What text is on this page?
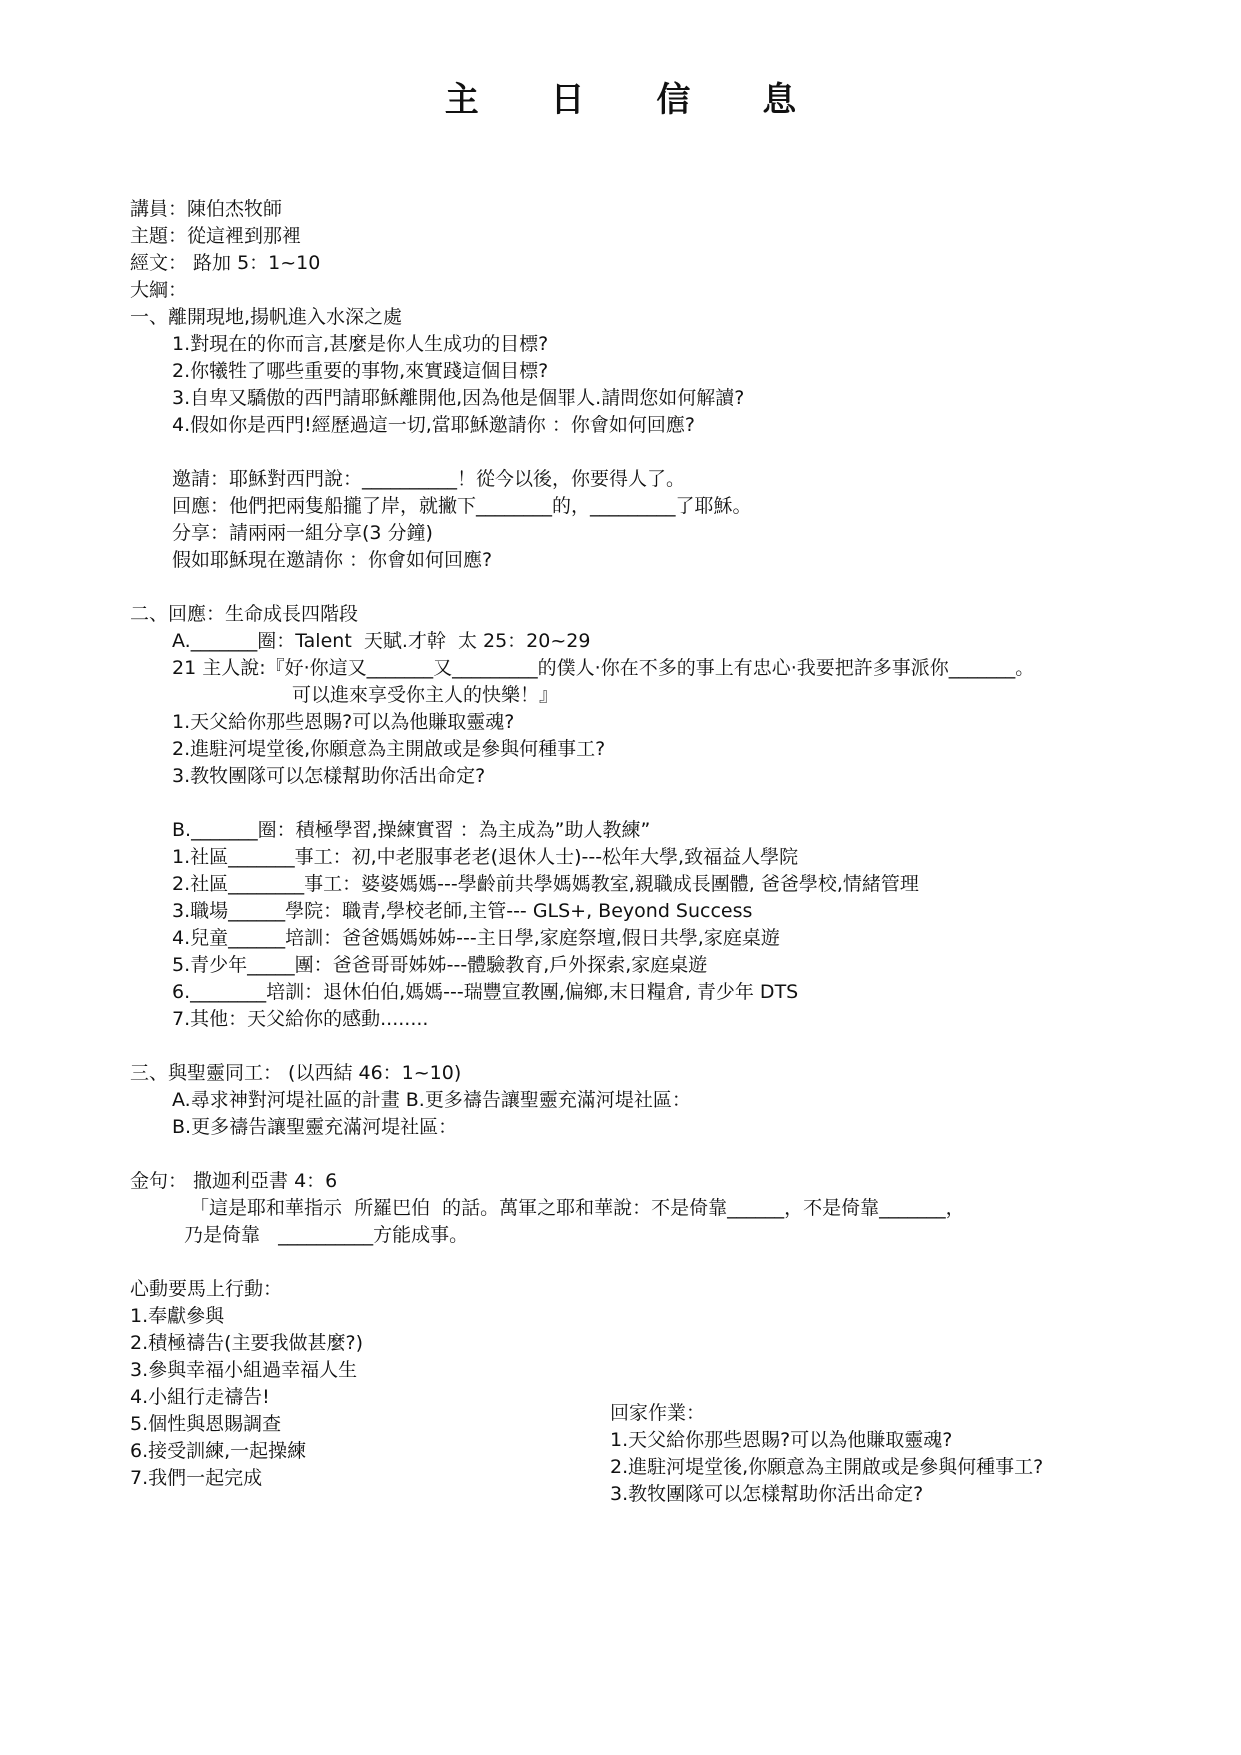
主 日 信 息
講員：陳伯杰牧師
主題：從這裡到那裡
經文： 路加 5：1~10
大綱：
一、離開現地,揚帆進入水深之處
1.對現在的你而言,甚麼是你人生成功的目標?
2.你犧牲了哪些重要的事物,來實踐這個目標?
3.自卑又驕傲的西門請耶穌離開他,因為他是個罪人.請問您如何解讀?
4.假如你是西門!經歷過這一切,當耶穌邀請你 ：你會如何回應?
邀請：耶穌對西門說：__________！從今以後，你要得人了。
回應：他們把兩隻船攏了岸，就撇下________的，_________了耶穌。
分享：請兩兩一組分享(3 分鐘)
假如耶穌現在邀請你 ：你會如何回應?
二、回應：生命成長四階段
A._______圈：Talent  天賦.才幹  太 25：20~29
21 主人說:『好‧你這又_______又_________的僕人‧你在不多的事上有忠心‧我要把許多事派你_______。
可以進來享受你主人的快樂！』
1.天父給你那些恩賜?可以為他賺取靈魂?
2.進駐河堤堂後,你願意為主開啟或是參與何種事工?
3.教牧團隊可以怎樣幫助你活出命定?
B._______圈：積極學習,操練實習 ：為主成為”助人教練”
1.社區_______事工：初,中老服事老老(退休人士)---松年大學,致福益人學院
2.社區________事工：婆婆媽媽---學齡前共學媽媽教室,親職成長團體, 爸爸學校,情緒管理
3.職場______學院：職青,學校老師,主管--- GLS+, Beyond Success
4.兒童______培訓：爸爸媽媽姊姊---主日學,家庭祭壇,假日共學,家庭桌遊
5.青少年_____團：爸爸哥哥姊姊---體驗教育,戶外探索,家庭桌遊
6.________培訓：退休伯伯,媽媽---瑞豐宣教團,偏鄉,末日糧倉, 青少年 DTS
7.其他：天父給你的感動........
三、與聖靈同工： (以西結 46：1~10)
A.尋求神對河堤社區的計畫 B.更多禱告讓聖靈充滿河堤社區：
B.更多禱告讓聖靈充滿河堤社區：
金句： 撒迦利亞書 4：6
「這是耶和華指示  所羅巴伯  的話。萬軍之耶和華說：不是倚靠______，不是倚靠_______，
乃是倚靠   __________方能成事。
心動要馬上行動：
1.奉獻參與
2.積極禱告(主要我做甚麼?)
3.參與幸福小組過幸福人生
4.小組行走禱告!
5.個性與恩賜調查
6.接受訓練,一起操練
7.我們一起完成
回家作業：
1.天父給你那些恩賜?可以為他賺取靈魂?
2.進駐河堤堂後,你願意為主開啟或是參與何種事工?
3.教牧團隊可以怎樣幫助你活出命定?
